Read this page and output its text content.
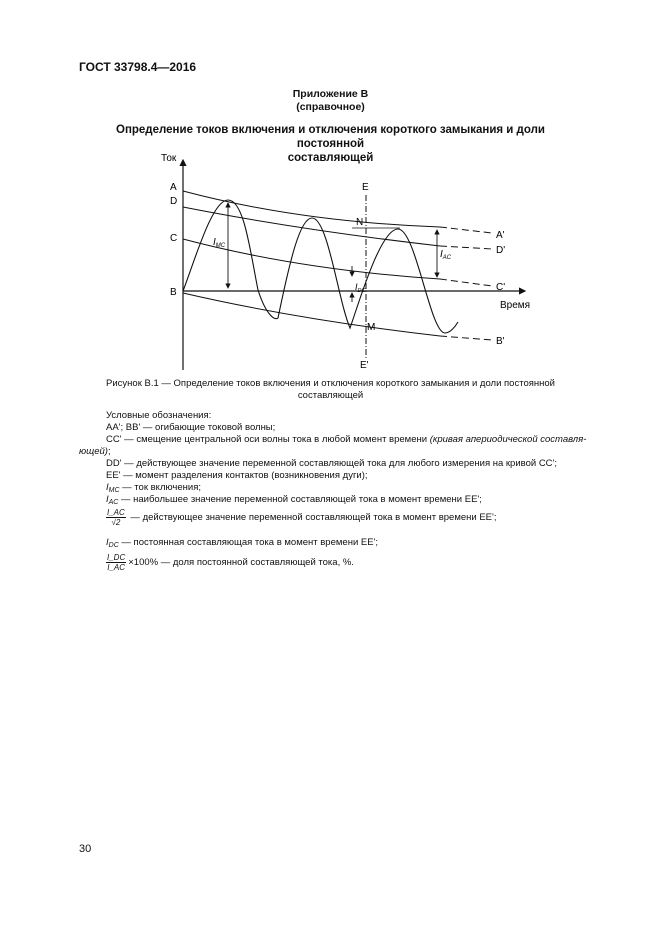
ГОСТ 33798.4—2016
Приложение В
(справочное)
Определение токов включения и отключения короткого замыкания и доли постоянной
составляющей
Ток
Время
A
D
C
B
E
E'
N
M
A'
D'
C'
B'
$I_{MC}$
$I_{AC}$
$I_{DC}$
Рисунок В.1 — Определение токов включения и отключения короткого замыкания и доли постоянной
составляющей
Условные обозначения:
AA'; BB' — огибающие токовой волны;
CC' — смещение центральной оси волны тока в любой момент времени (кривая апериодической составля-
ющей);
DD' — действующее значение переменной составляющей тока для любого измерения на кривой CC';
EE' — момент разделения контактов (возникновения дуги);
$I_{MC}$ — ток включения;
$I_{AC}$ — наибольшее значение переменной составляющей тока в момент времени EE';
$\frac{I\_AC}{√2}$ — действующее значение переменной составляющей тока в момент времени EE';
$I_{DC}$ — постоянная составляющая тока в момент времени EE';
$\frac{I\_DC}{I\_AC} \times 100\%$ — доля постоянной составляющей тока, %.
30
